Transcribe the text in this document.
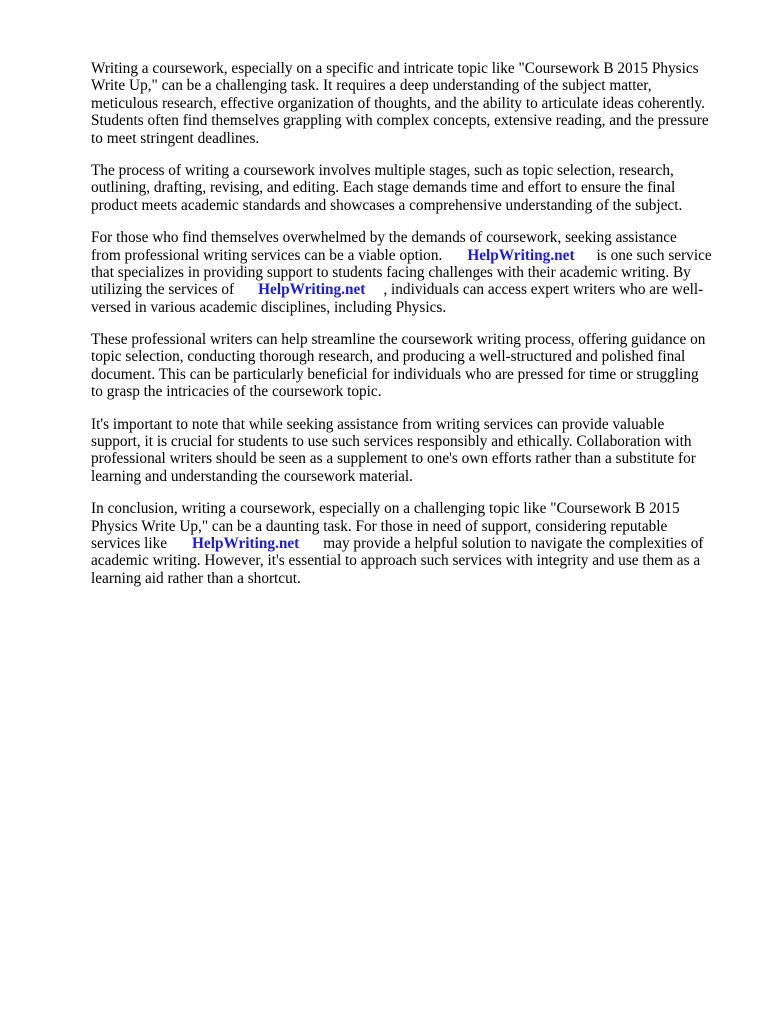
Writing a coursework, especially on a specific and intricate topic like "Coursework B 2015 Physics
Write Up," can be a challenging task. It requires a deep understanding of the subject matter,
meticulous research, effective organization of thoughts, and the ability to articulate ideas coherently.
Students often find themselves grappling with complex concepts, extensive reading, and the pressure
to meet stringent deadlines.
The process of writing a coursework involves multiple stages, such as topic selection, research,
outlining, drafting, revising, and editing. Each stage demands time and effort to ensure the final
product meets academic standards and showcases a comprehensive understanding of the subject.
For those who find themselves overwhelmed by the demands of coursework, seeking assistance
from professional writing services can be a viable option. HelpWriting.net is one such service
that specializes in providing support to students facing challenges with their academic writing. By
utilizing the services of HelpWriting.net , individuals can access expert writers who are well-
versed in various academic disciplines, including Physics.
These professional writers can help streamline the coursework writing process, offering guidance on
topic selection, conducting thorough research, and producing a well-structured and polished final
document. This can be particularly beneficial for individuals who are pressed for time or struggling
to grasp the intricacies of the coursework topic.
It's important to note that while seeking assistance from writing services can provide valuable
support, it is crucial for students to use such services responsibly and ethically. Collaboration with
professional writers should be seen as a supplement to one's own efforts rather than a substitute for
learning and understanding the coursework material.
In conclusion, writing a coursework, especially on a challenging topic like "Coursework B 2015
Physics Write Up," can be a daunting task. For those in need of support, considering reputable
services like HelpWriting.net may provide a helpful solution to navigate the complexities of
academic writing. However, it's essential to approach such services with integrity and use them as a
learning aid rather than a shortcut.
